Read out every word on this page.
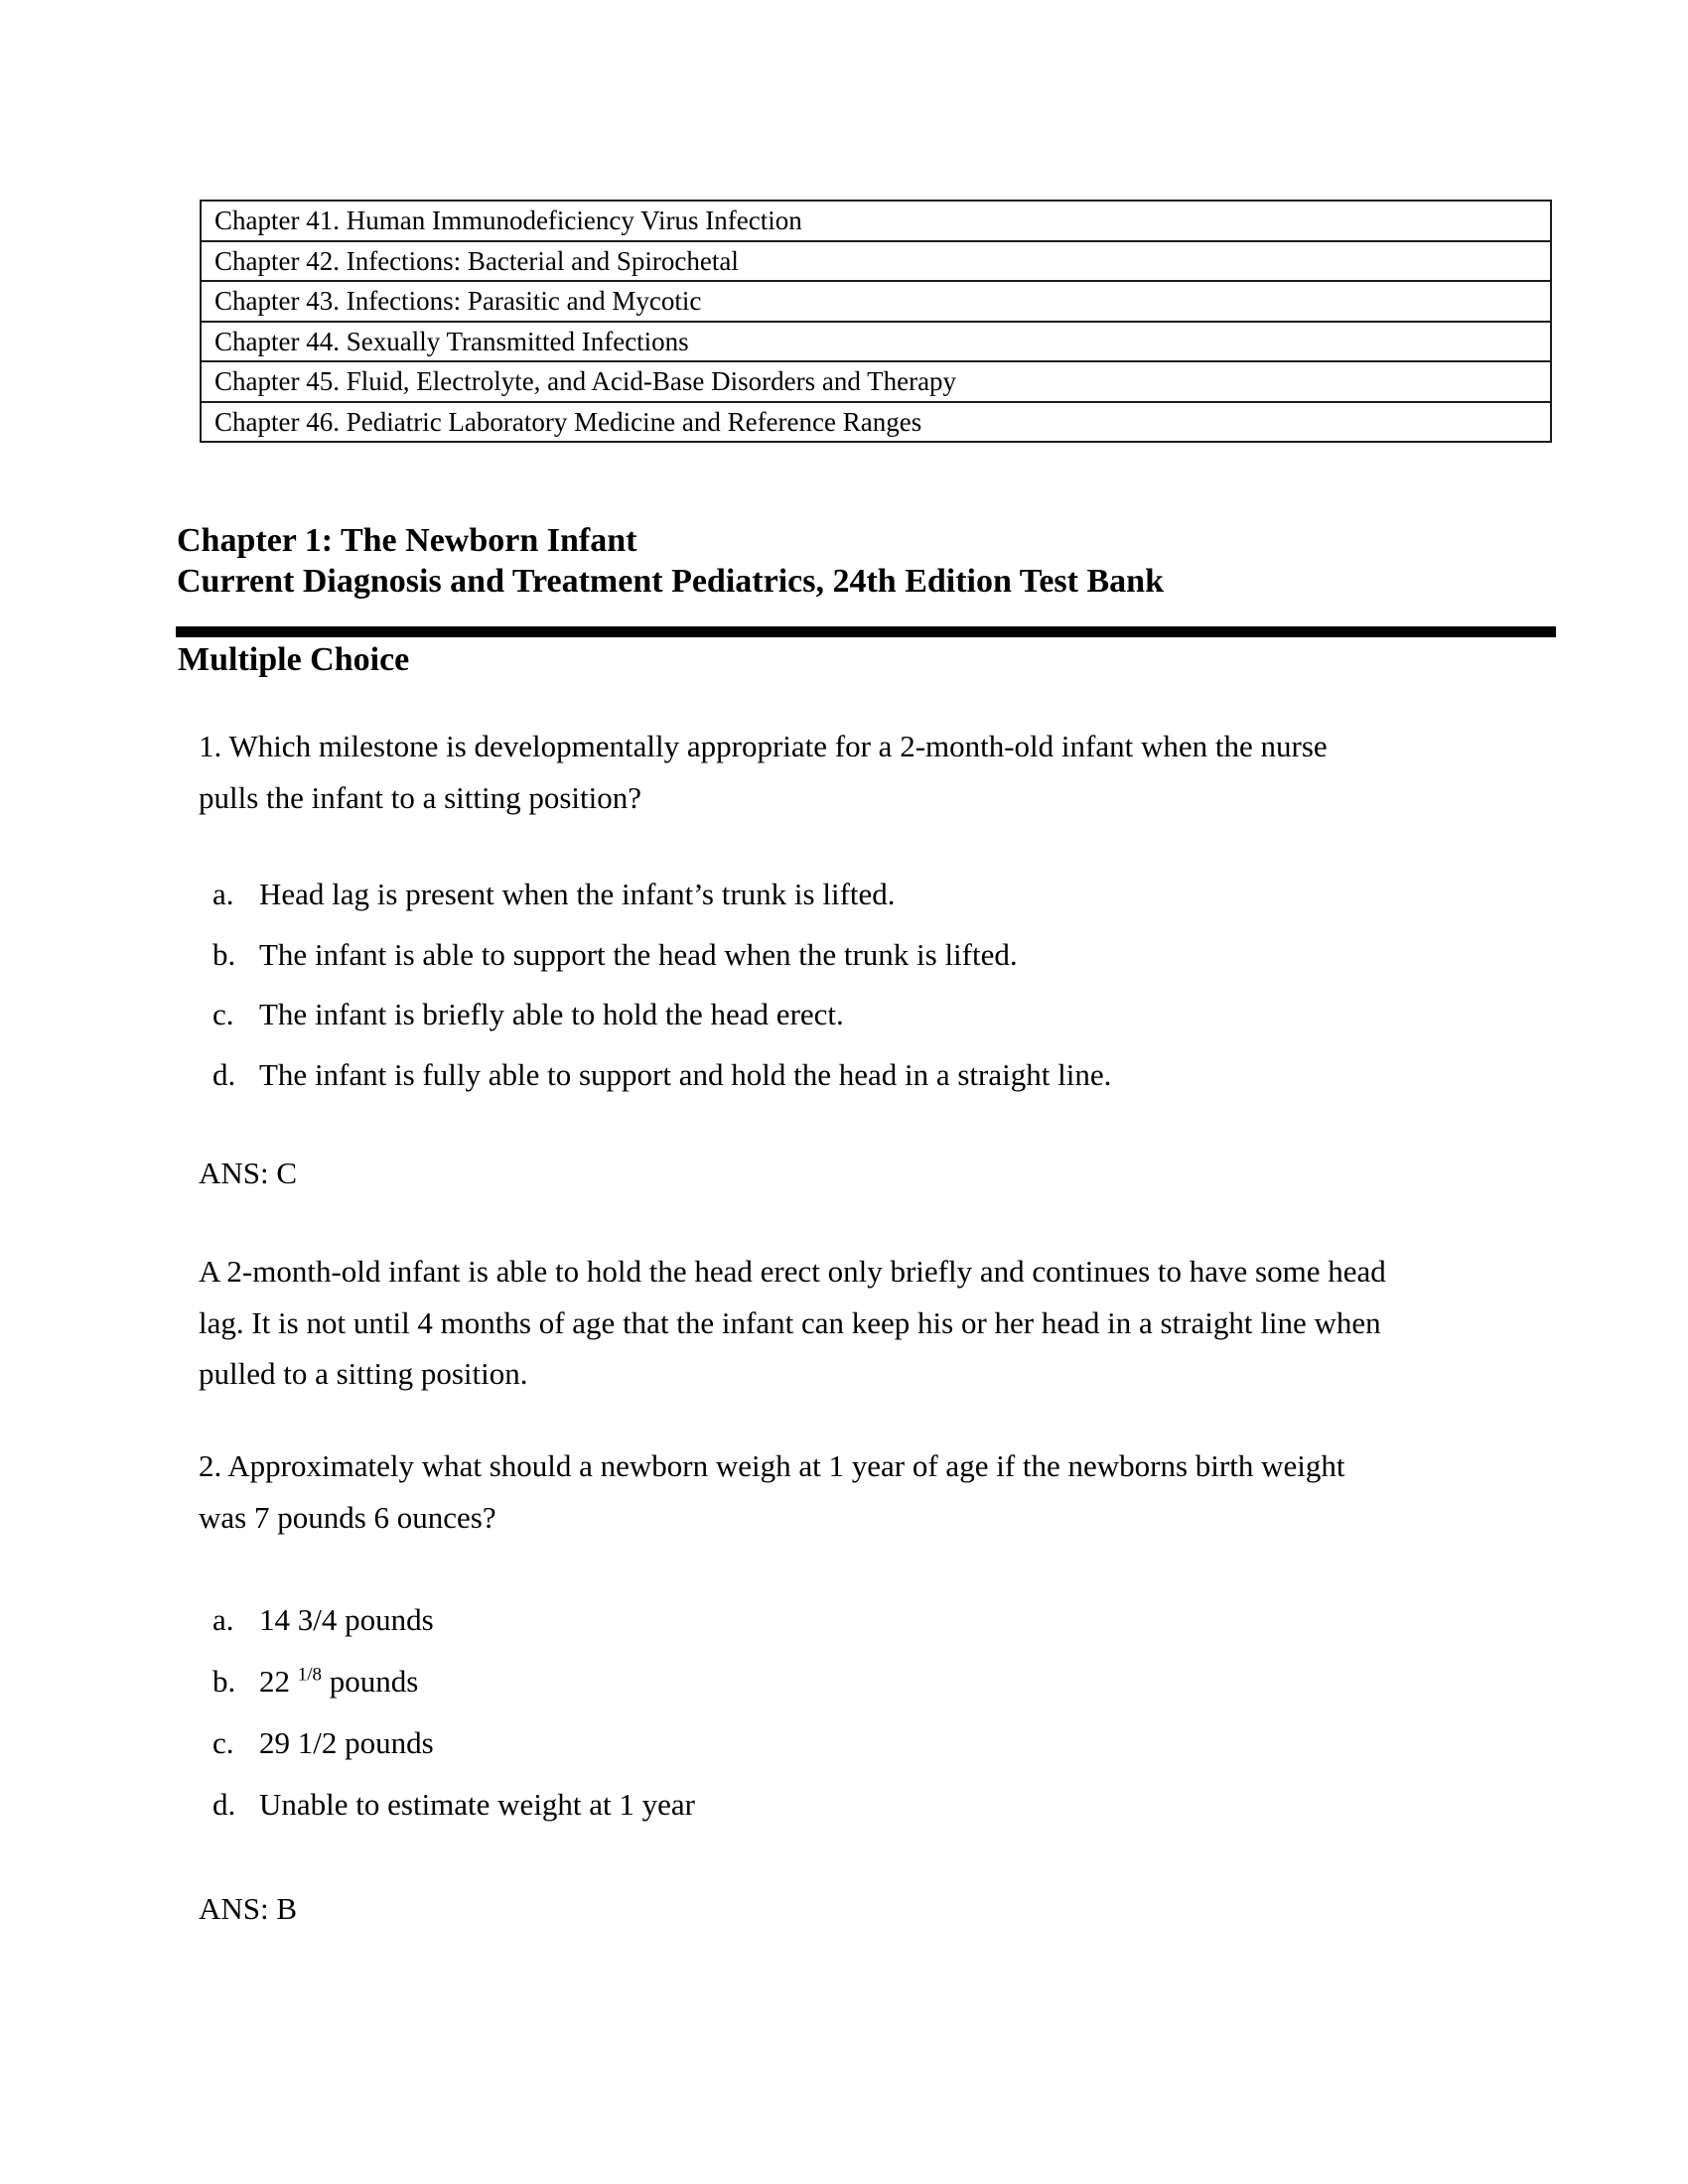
Chapter 41. Human Immunodeficiency Virus Infection
Chapter 42. Infections: Bacterial and Spirochetal
Chapter 43. Infections: Parasitic and Mycotic
Chapter 44. Sexually Transmitted Infections
Chapter 45. Fluid, Electrolyte, and Acid-Base Disorders and Therapy
Chapter 46. Pediatric Laboratory Medicine and Reference Ranges
Chapter 1: The Newborn Infant
Current Diagnosis and Treatment Pediatrics, 24th Edition Test Bank
Multiple Choice
1. Which milestone is developmentally appropriate for a 2-month-old infant when the nurse
pulls the infant to a sitting position?
a. Head lag is present when the infant’s trunk is lifted.
b. The infant is able to support the head when the trunk is lifted.
c. The infant is briefly able to hold the head erect.
d. The infant is fully able to support and hold the head in a straight line.
ANS: C
A 2-month-old infant is able to hold the head erect only briefly and continues to have some head
lag. It is not until 4 months of age that the infant can keep his or her head in a straight line when
pulled to a sitting position.
2. Approximately what should a newborn weigh at 1 year of age if the newborns birth weight
was 7 pounds 6 ounces?
a. 14 3/4 pounds
b. 22 $^{1/8}$ pounds
c. 29 1/2 pounds
d. Unable to estimate weight at 1 year
ANS: B
